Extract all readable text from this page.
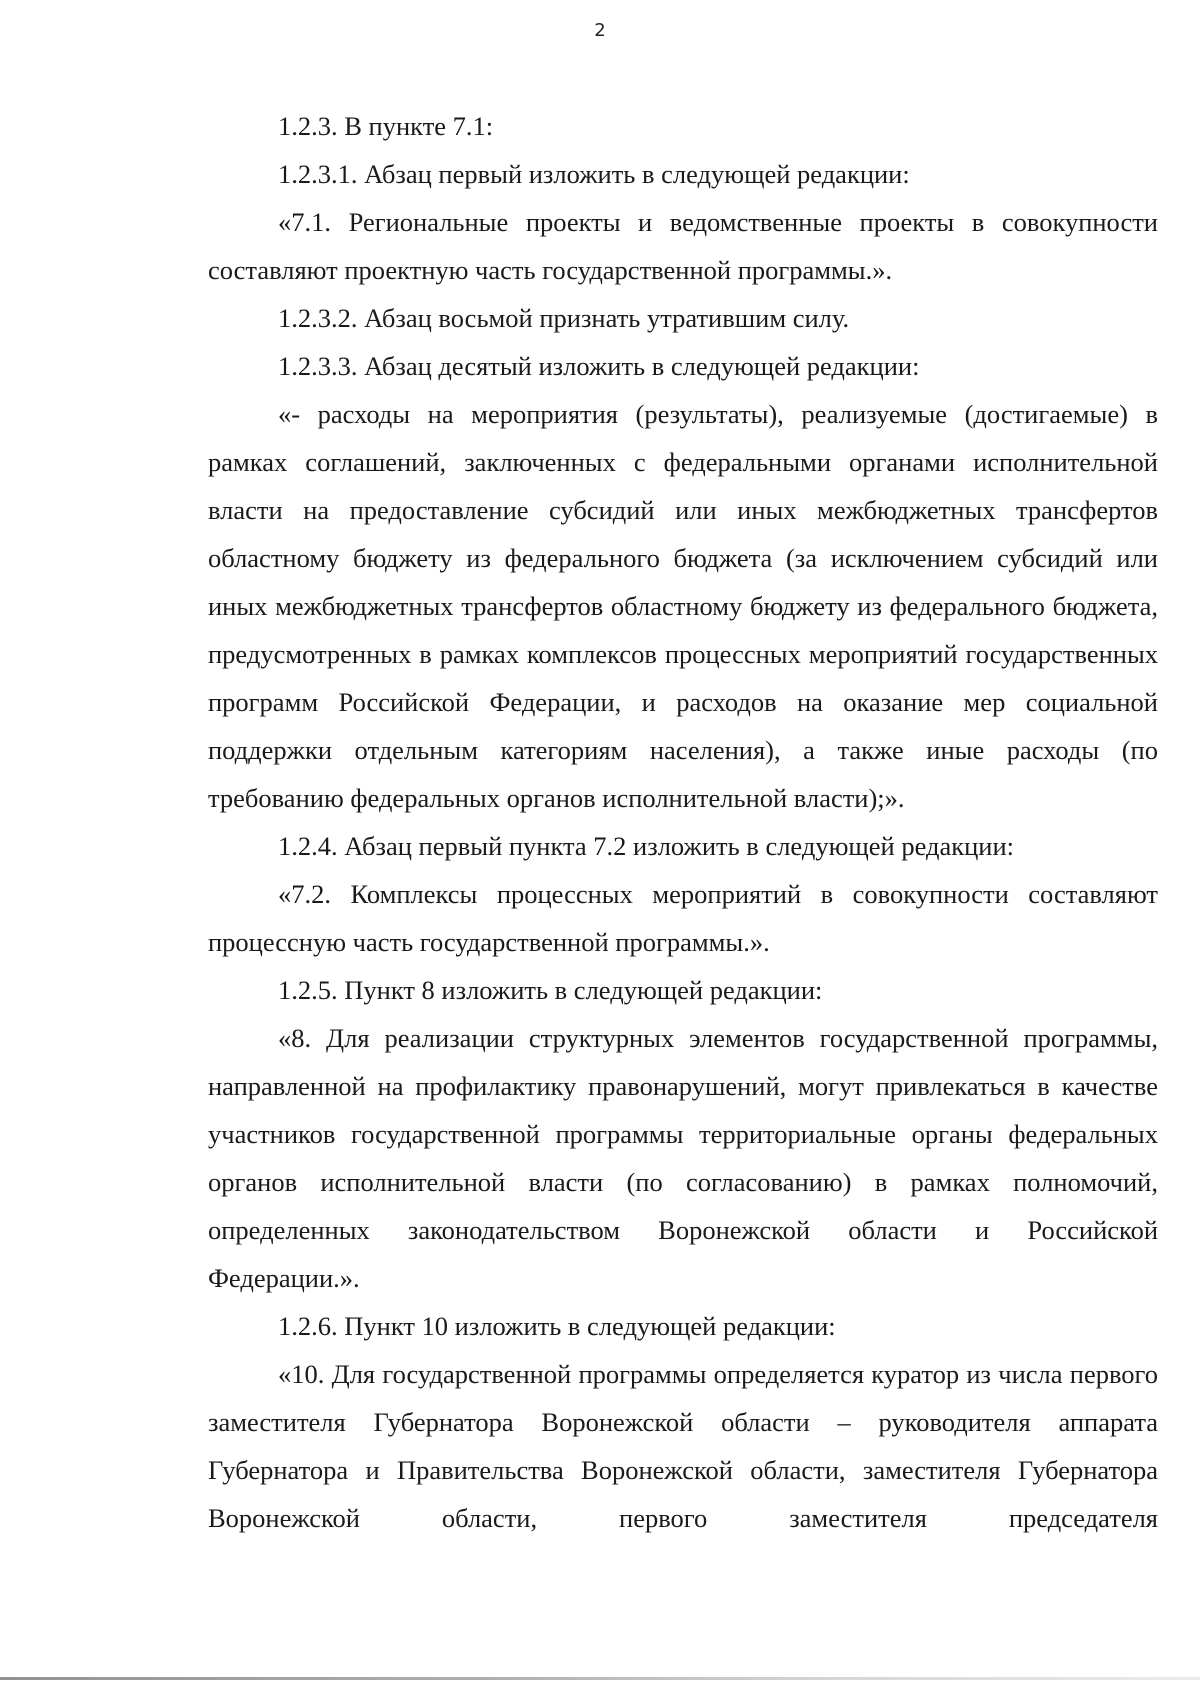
2

1.2.3. В пункте 7.1:

1.2.3.1. Абзац первый изложить в следующей редакции:

«7.1. Региональные проекты и ведомственные проекты в совокупности составляют проектную часть государственной программы.».

1.2.3.2. Абзац восьмой признать утратившим силу.

1.2.3.3. Абзац десятый изложить в следующей редакции:

«- расходы на мероприятия (результаты), реализуемые (достигаемые) в рамках соглашений, заключенных с федеральными органами исполнительной власти на предоставление субсидий или иных межбюджетных трансфертов областному бюджету из федерального бюджета (за исключением субсидий или иных межбюджетных трансфертов областному бюджету из федерального бюджета, предусмотренных в рамках комплексов процессных мероприятий государственных программ Российской Федерации, и расходов на оказание мер социальной поддержки отдельным категориям населения), а также иные расходы (по требованию федеральных органов исполнительной власти);».

1.2.4. Абзац первый пункта 7.2 изложить в следующей редакции:

«7.2. Комплексы процессных мероприятий в совокупности составляют процессную часть государственной программы.».

1.2.5. Пункт 8 изложить в следующей редакции:

«8. Для реализации структурных элементов государственной программы, направленной на профилактику правонарушений, могут привлекаться в качестве участников государственной программы территориальные органы федеральных органов исполнительной власти (по согласованию) в рамках полномочий, определенных законодательством Воронежской области и Российской Федерации.».

1.2.6. Пункт 10 изложить в следующей редакции:

«10. Для государственной программы определяется куратор из числа первого заместителя Губернатора Воронежской области – руководителя аппарата Губернатора и Правительства Воронежской области, заместителя Губернатора Воронежской области, первого заместителя председателя
